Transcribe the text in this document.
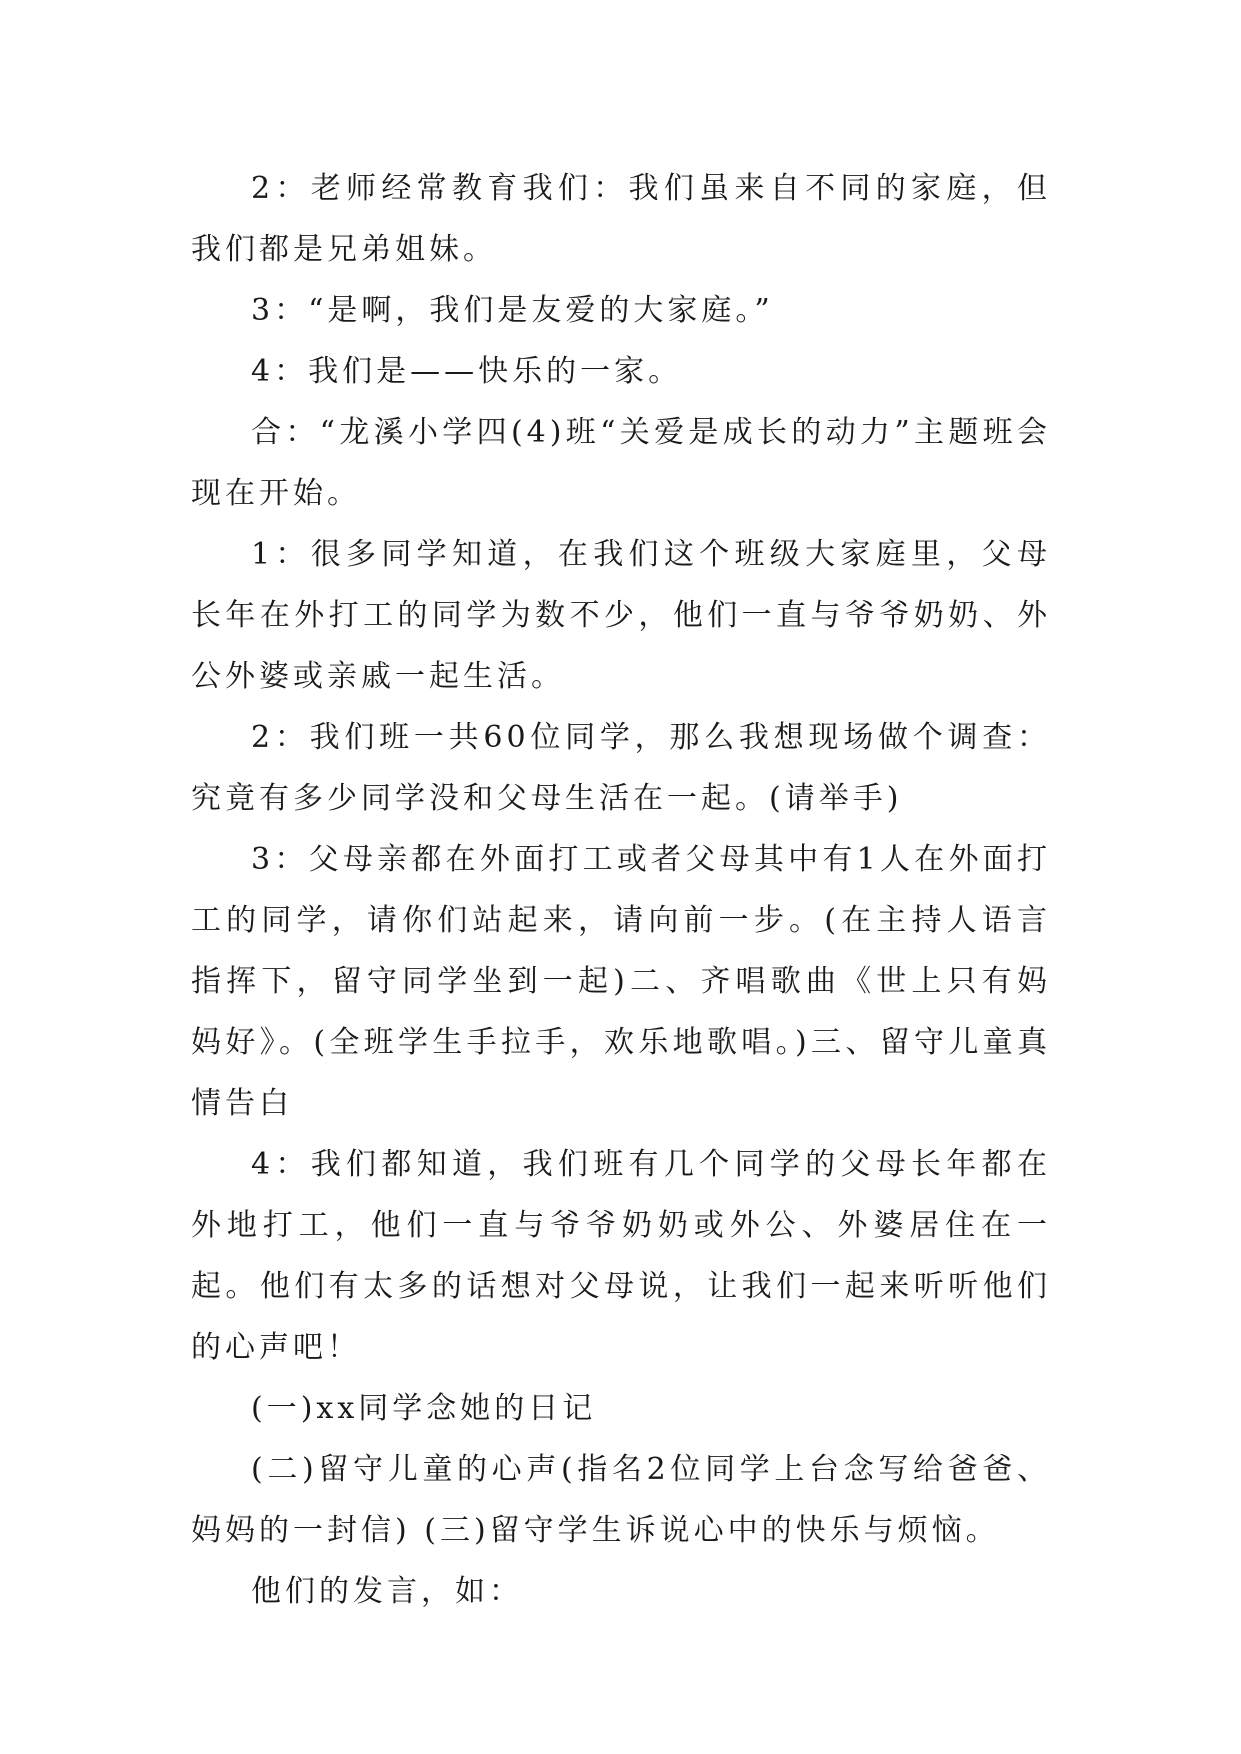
2：老师经常教育我们：我们虽来自不同的家庭，但我们都是兄弟姐妹。

3：“是啊，我们是友爱的大家庭。”

4：我们是——快乐的一家。

合：“龙溪小学四(4)班“关爱是成长的动力”主题班会现在开始。

1：很多同学知道，在我们这个班级大家庭里，父母长年在外打工的同学为数不少，他们一直与爷爷奶奶、外公外婆或亲戚一起生活。

2：我们班一共60位同学，那么我想现场做个调查：究竟有多少同学没和父母生活在一起。(请举手)

3：父母亲都在外面打工或者父母其中有1人在外面打工的同学，请你们站起来，请向前一步。(在主持人语言指挥下，留守同学坐到一起)二、齐唱歌曲《世上只有妈妈好》。(全班学生手拉手，欢乐地歌唱。)三、留守儿童真情告白

4：我们都知道，我们班有几个同学的父母长年都在外地打工，他们一直与爷爷奶奶或外公、外婆居住在一起。他们有太多的话想对父母说，让我们一起来听听他们的心声吧！

(一)xx同学念她的日记

(二)留守儿童的心声(指名2位同学上台念写给爸爸、妈妈的一封信) (三)留守学生诉说心中的快乐与烦恼。

他们的发言，如：
